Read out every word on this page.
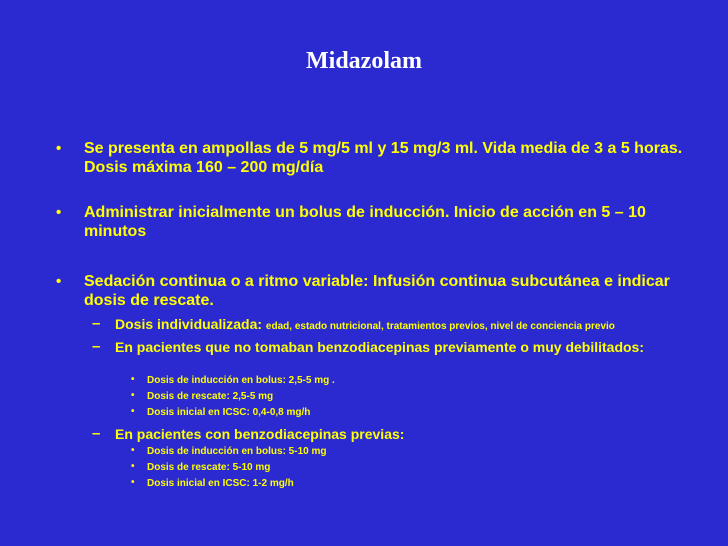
Midazolam
• Se presenta en ampollas de 5 mg/5 ml y 15 mg/3 ml. Vida media de 3 a 5 horas. Dosis máxima 160 – 200 mg/día
• Administrar inicialmente un bolus de inducción. Inicio de acción en 5 – 10 minutos
• Sedación continua o a ritmo variable: Infusión continua subcutánea e indicar dosis de rescate.
– Dosis individualizada: edad, estado nutricional, tratamientos previos, nivel de conciencia previo
– En pacientes que no tomaban benzodiacepinas previamente o muy debilitados:
• Dosis de inducción en bolus: 2,5-5 mg .
• Dosis de rescate: 2,5-5 mg
• Dosis inicial en ICSC: 0,4-0,8 mg/h
– En pacientes con benzodiacepinas previas:
• Dosis de inducción en bolus: 5-10 mg
• Dosis de rescate: 5-10 mg
• Dosis inicial en ICSC: 1-2 mg/h
